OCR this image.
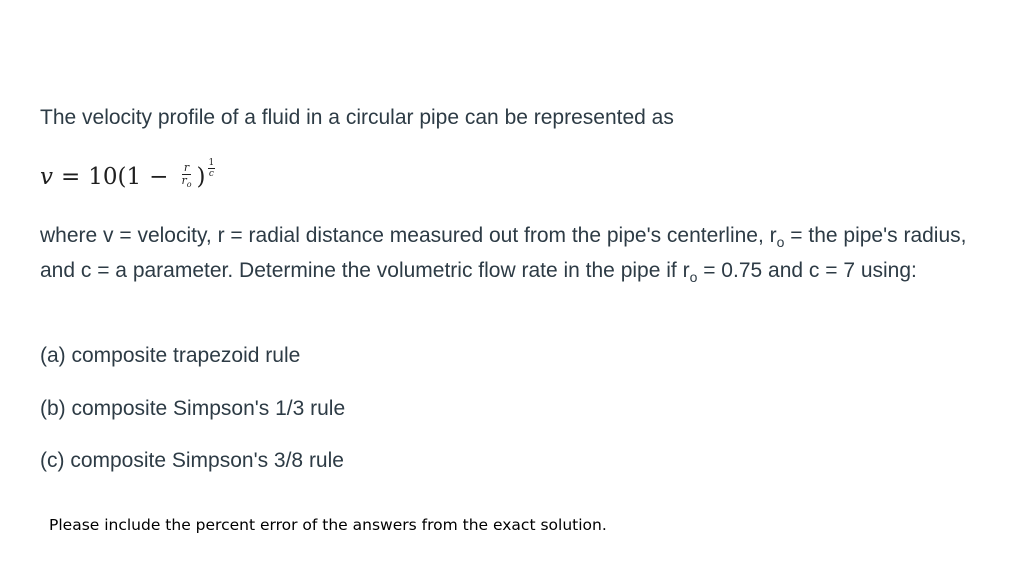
The velocity profile of a fluid in a circular pipe can be represented as
$v = 10(1 - \frac{r}{r_o}$ ) $\frac{1}{c}$
where v = velocity, r = radial distance measured out from the pipe's centerline, $r_o$ = the pipe's radius, and c = a parameter. Determine the volumetric flow rate in the pipe if $r_o = 0.75$ and c = 7 using:
(a) composite trapezoid rule
(b) composite Simpson's 1/3 rule
(c) composite Simpson's 3/8 rule
Please include the percent error of the answers from the exact solution.
